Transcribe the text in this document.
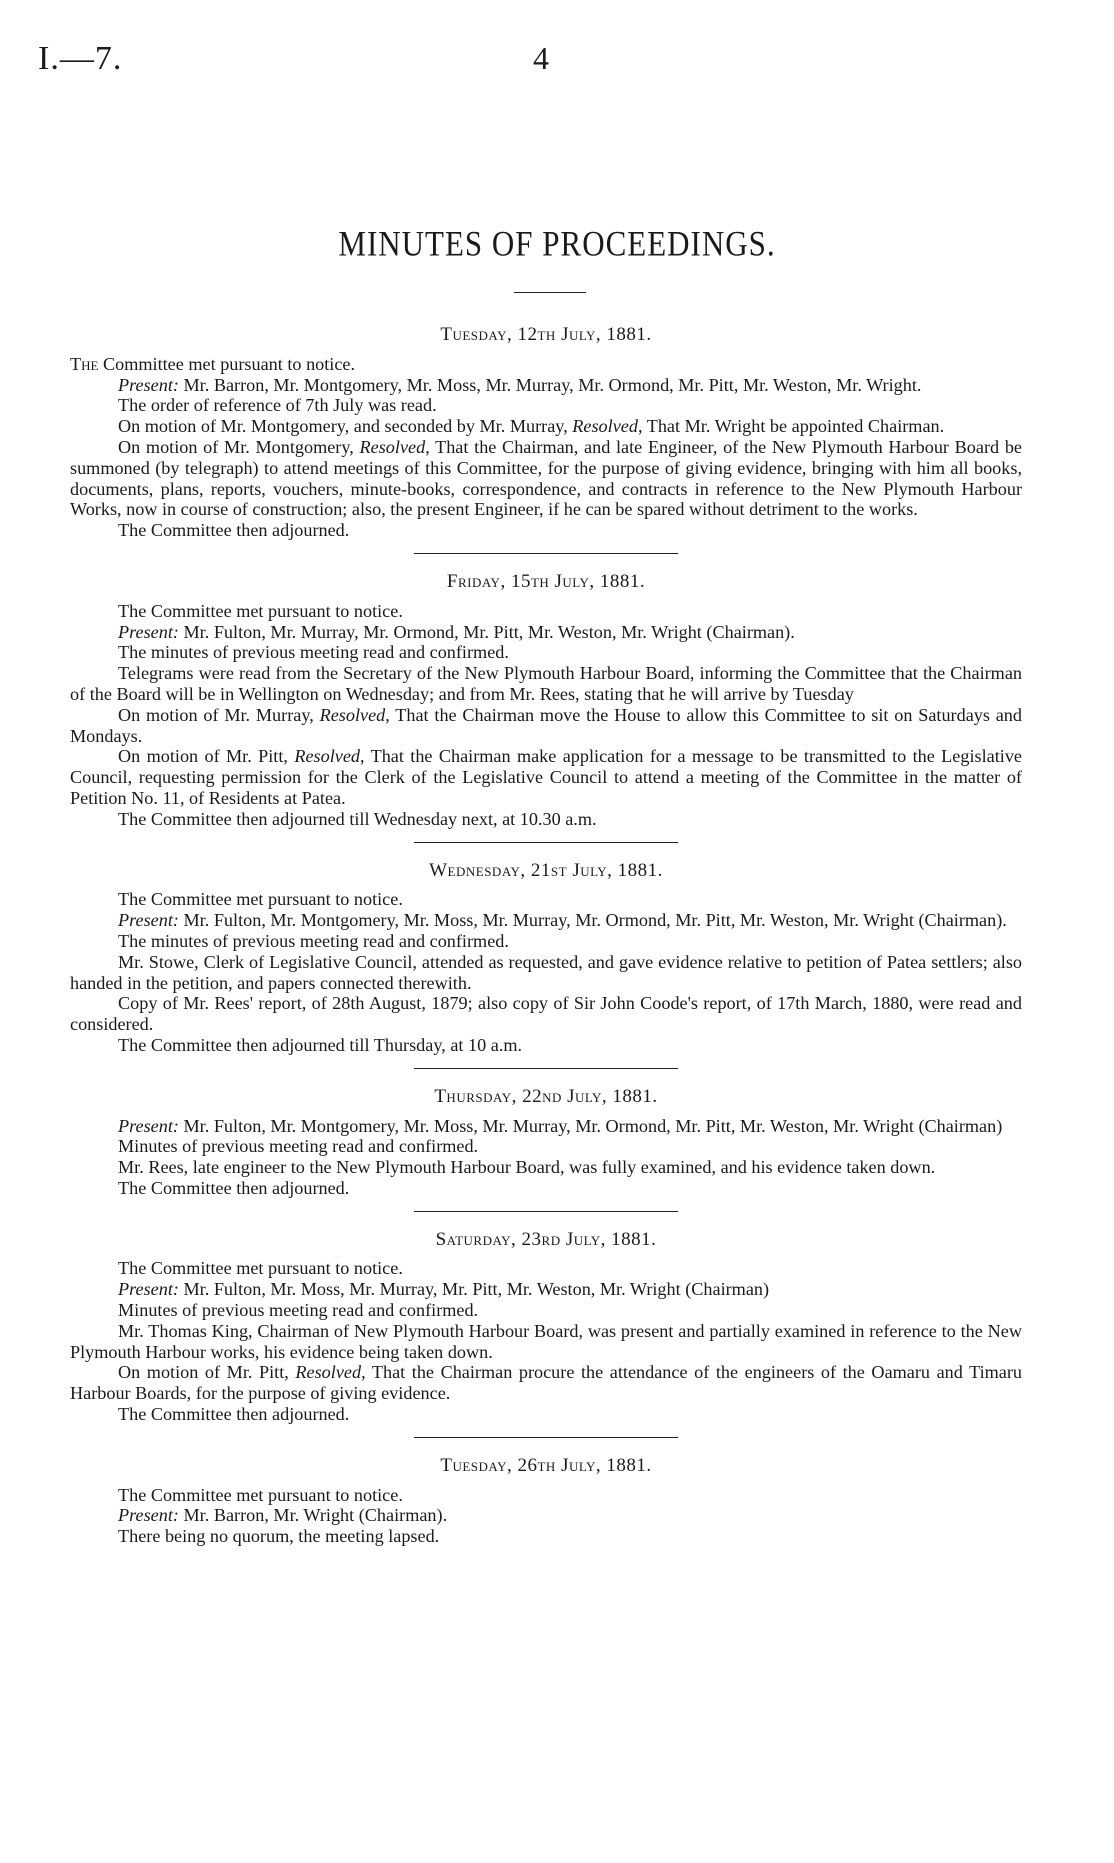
I.—7.	4
MINUTES OF PROCEEDINGS.
Tuesday, 12th July, 1881.

The Committee met pursuant to notice.

Present: Mr. Barron, Mr. Montgomery, Mr. Moss, Mr. Murray, Mr. Ormond, Mr. Pitt, Mr. Weston, Mr. Wright.

The order of reference of 7th July was read.

On motion of Mr. Montgomery, and seconded by Mr. Murray, Resolved, That Mr. Wright be appointed Chairman.

On motion of Mr. Montgomery, Resolved, That the Chairman, and late Engineer, of the New Plymouth Harbour Board be summoned (by telegraph) to attend meetings of this Committee, for the purpose of giving evidence, bringing with him all books, documents, plans, reports, vouchers, minute-books, correspondence, and contracts in reference to the New Plymouth Harbour Works, now in course of construction; also, the present Engineer, if he can be spared without detriment to the works.

The Committee then adjourned.

Friday, 15th July, 1881.

The Committee met pursuant to notice.

Present: Mr. Fulton, Mr. Murray, Mr. Ormond, Mr. Pitt, Mr. Weston, Mr. Wright (Chairman).

The minutes of previous meeting read and confirmed.

Telegrams were read from the Secretary of the New Plymouth Harbour Board, informing the Committee that the Chairman of the Board will be in Wellington on Wednesday; and from Mr. Rees, stating that he will arrive by Tuesday

On motion of Mr. Murray, Resolved, That the Chairman move the House to allow this Committee to sit on Saturdays and Mondays.

On motion of Mr. Pitt, Resolved, That the Chairman make application for a message to be transmitted to the Legislative Council, requesting permission for the Clerk of the Legislative Council to attend a meeting of the Committee in the matter of Petition No. 11, of Residents at Patea.

The Committee then adjourned till Wednesday next, at 10.30 a.m.

Wednesday, 21st July, 1881.

The Committee met pursuant to notice.

Present: Mr. Fulton, Mr. Montgomery, Mr. Moss, Mr. Murray, Mr. Ormond, Mr. Pitt, Mr. Weston, Mr. Wright (Chairman).

The minutes of previous meeting read and confirmed.

Mr. Stowe, Clerk of Legislative Council, attended as requested, and gave evidence relative to petition of Patea settlers; also handed in the petition, and papers connected therewith.

Copy of Mr. Rees' report, of 28th August, 1879; also copy of Sir John Coode's report, of 17th March, 1880, were read and considered.

The Committee then adjourned till Thursday, at 10 a.m.

Thursday, 22nd July, 1881.

Present: Mr. Fulton, Mr. Montgomery, Mr. Moss, Mr. Murray, Mr. Ormond, Mr. Pitt, Mr. Weston, Mr. Wright (Chairman)

Minutes of previous meeting read and confirmed.

Mr. Rees, late engineer to the New Plymouth Harbour Board, was fully examined, and his evidence taken down.

The Committee then adjourned.

Saturday, 23rd July, 1881.

The Committee met pursuant to notice.

Present: Mr. Fulton, Mr. Moss, Mr. Murray, Mr. Pitt, Mr. Weston, Mr. Wright (Chairman)

Minutes of previous meeting read and confirmed.

Mr. Thomas King, Chairman of New Plymouth Harbour Board, was present and partially examined in reference to the New Plymouth Harbour works, his evidence being taken down.

On motion of Mr. Pitt, Resolved, That the Chairman procure the attendance of the engineers of the Oamaru and Timaru Harbour Boards, for the purpose of giving evidence.

The Committee then adjourned.

Tuesday, 26th July, 1881.

The Committee met pursuant to notice.

Present: Mr. Barron, Mr. Wright (Chairman).

There being no quorum, the meeting lapsed.
